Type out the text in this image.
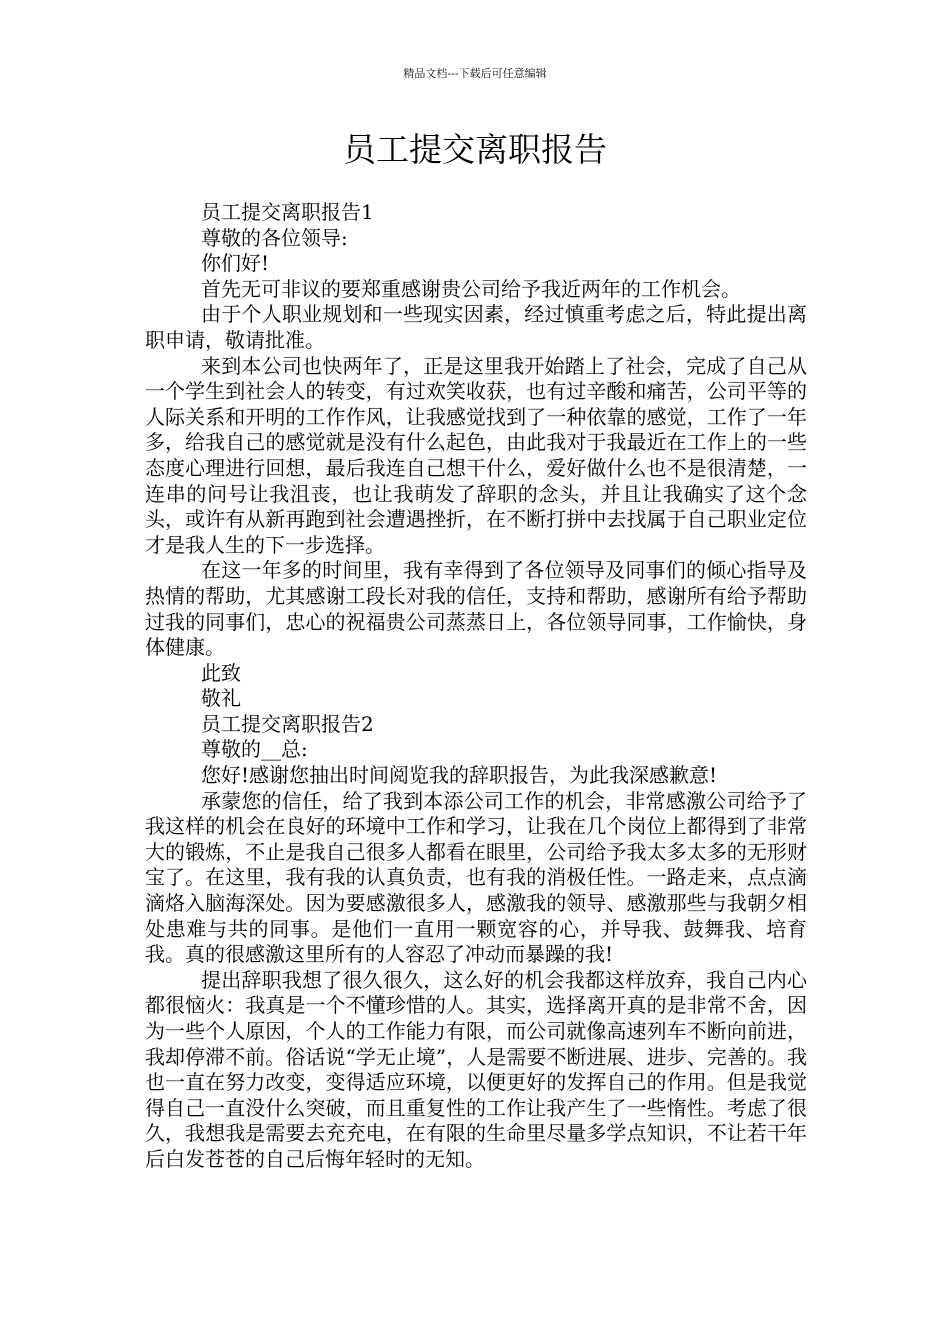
精品文档---下载后可任意编辑
员工提交离职报告

员工提交离职报告1

尊敬的各位领导:

你们好!

首先无可非议的要郑重感谢贵公司给予我近两年的工作机会。

由于个人职业规划和一些现实因素，经过慎重考虑之后，特此提出离职申请，敬请批准。

来到本公司也快两年了，正是这里我开始踏上了社会，完成了自己从一个学生到社会人的转变，有过欢笑收获，也有过辛酸和痛苦，公司平等的人际关系和开明的工作作风，让我感觉找到了一种依靠的感觉，工作了一年多，给我自己的感觉就是没有什么起色，由此我对于我最近在工作上的一些态度心理进行回想，最后我连自己想干什么，爱好做什么也不是很清楚，一连串的问号让我沮丧，也让我萌发了辞职的念头，并且让我确实了这个念头，或许有从新再跑到社会遭遇挫折，在不断打拼中去找属于自己职业定位才是我人生的下一步选择。

在这一年多的时间里，我有幸得到了各位领导及同事们的倾心指导及热情的帮助，尤其感谢工段长对我的信任，支持和帮助，感谢所有给予帮助过我的同事们，忠心的祝福贵公司蒸蒸日上，各位领导同事，工作愉快，身体健康。

此致

敬礼

员工提交离职报告2

尊敬的__总:

您好!感谢您抽出时间阅览我的辞职报告，为此我深感歉意!

承蒙您的信任，给了我到本添公司工作的机会，非常感激公司给予了我这样的机会在良好的环境中工作和学习，让我在几个岗位上都得到了非常大的锻炼，不止是我自己很多人都看在眼里，公司给予我太多太多的无形财宝了。在这里，我有我的认真负责，也有我的消极任性。一路走来，点点滴滴烙入脑海深处。因为要感激很多人，感激我的领导、感激那些与我朝夕相处患难与共的同事。是他们一直用一颗宽容的心，并导我、鼓舞我、培育我。真的很感激这里所有的人容忍了冲动而暴躁的我!

提出辞职我想了很久很久，这么好的机会我都这样放弃，我自己内心都很恼火：我真是一个不懂珍惜的人。其实，选择离开真的是非常不舍，因为一些个人原因，个人的工作能力有限，而公司就像高速列车不断向前进，我却停滞不前。俗话说“学无止境”，人是需要不断进展、进步、完善的。我也一直在努力改变，变得适应环境，以便更好的发挥自己的作用。但是我觉得自己一直没什么突破，而且重复性的工作让我产生了一些惰性。考虑了很久，我想我是需要去充充电，在有限的生命里尽量多学点知识，不让若干年后白发苍苍的自己后悔年轻时的无知。
